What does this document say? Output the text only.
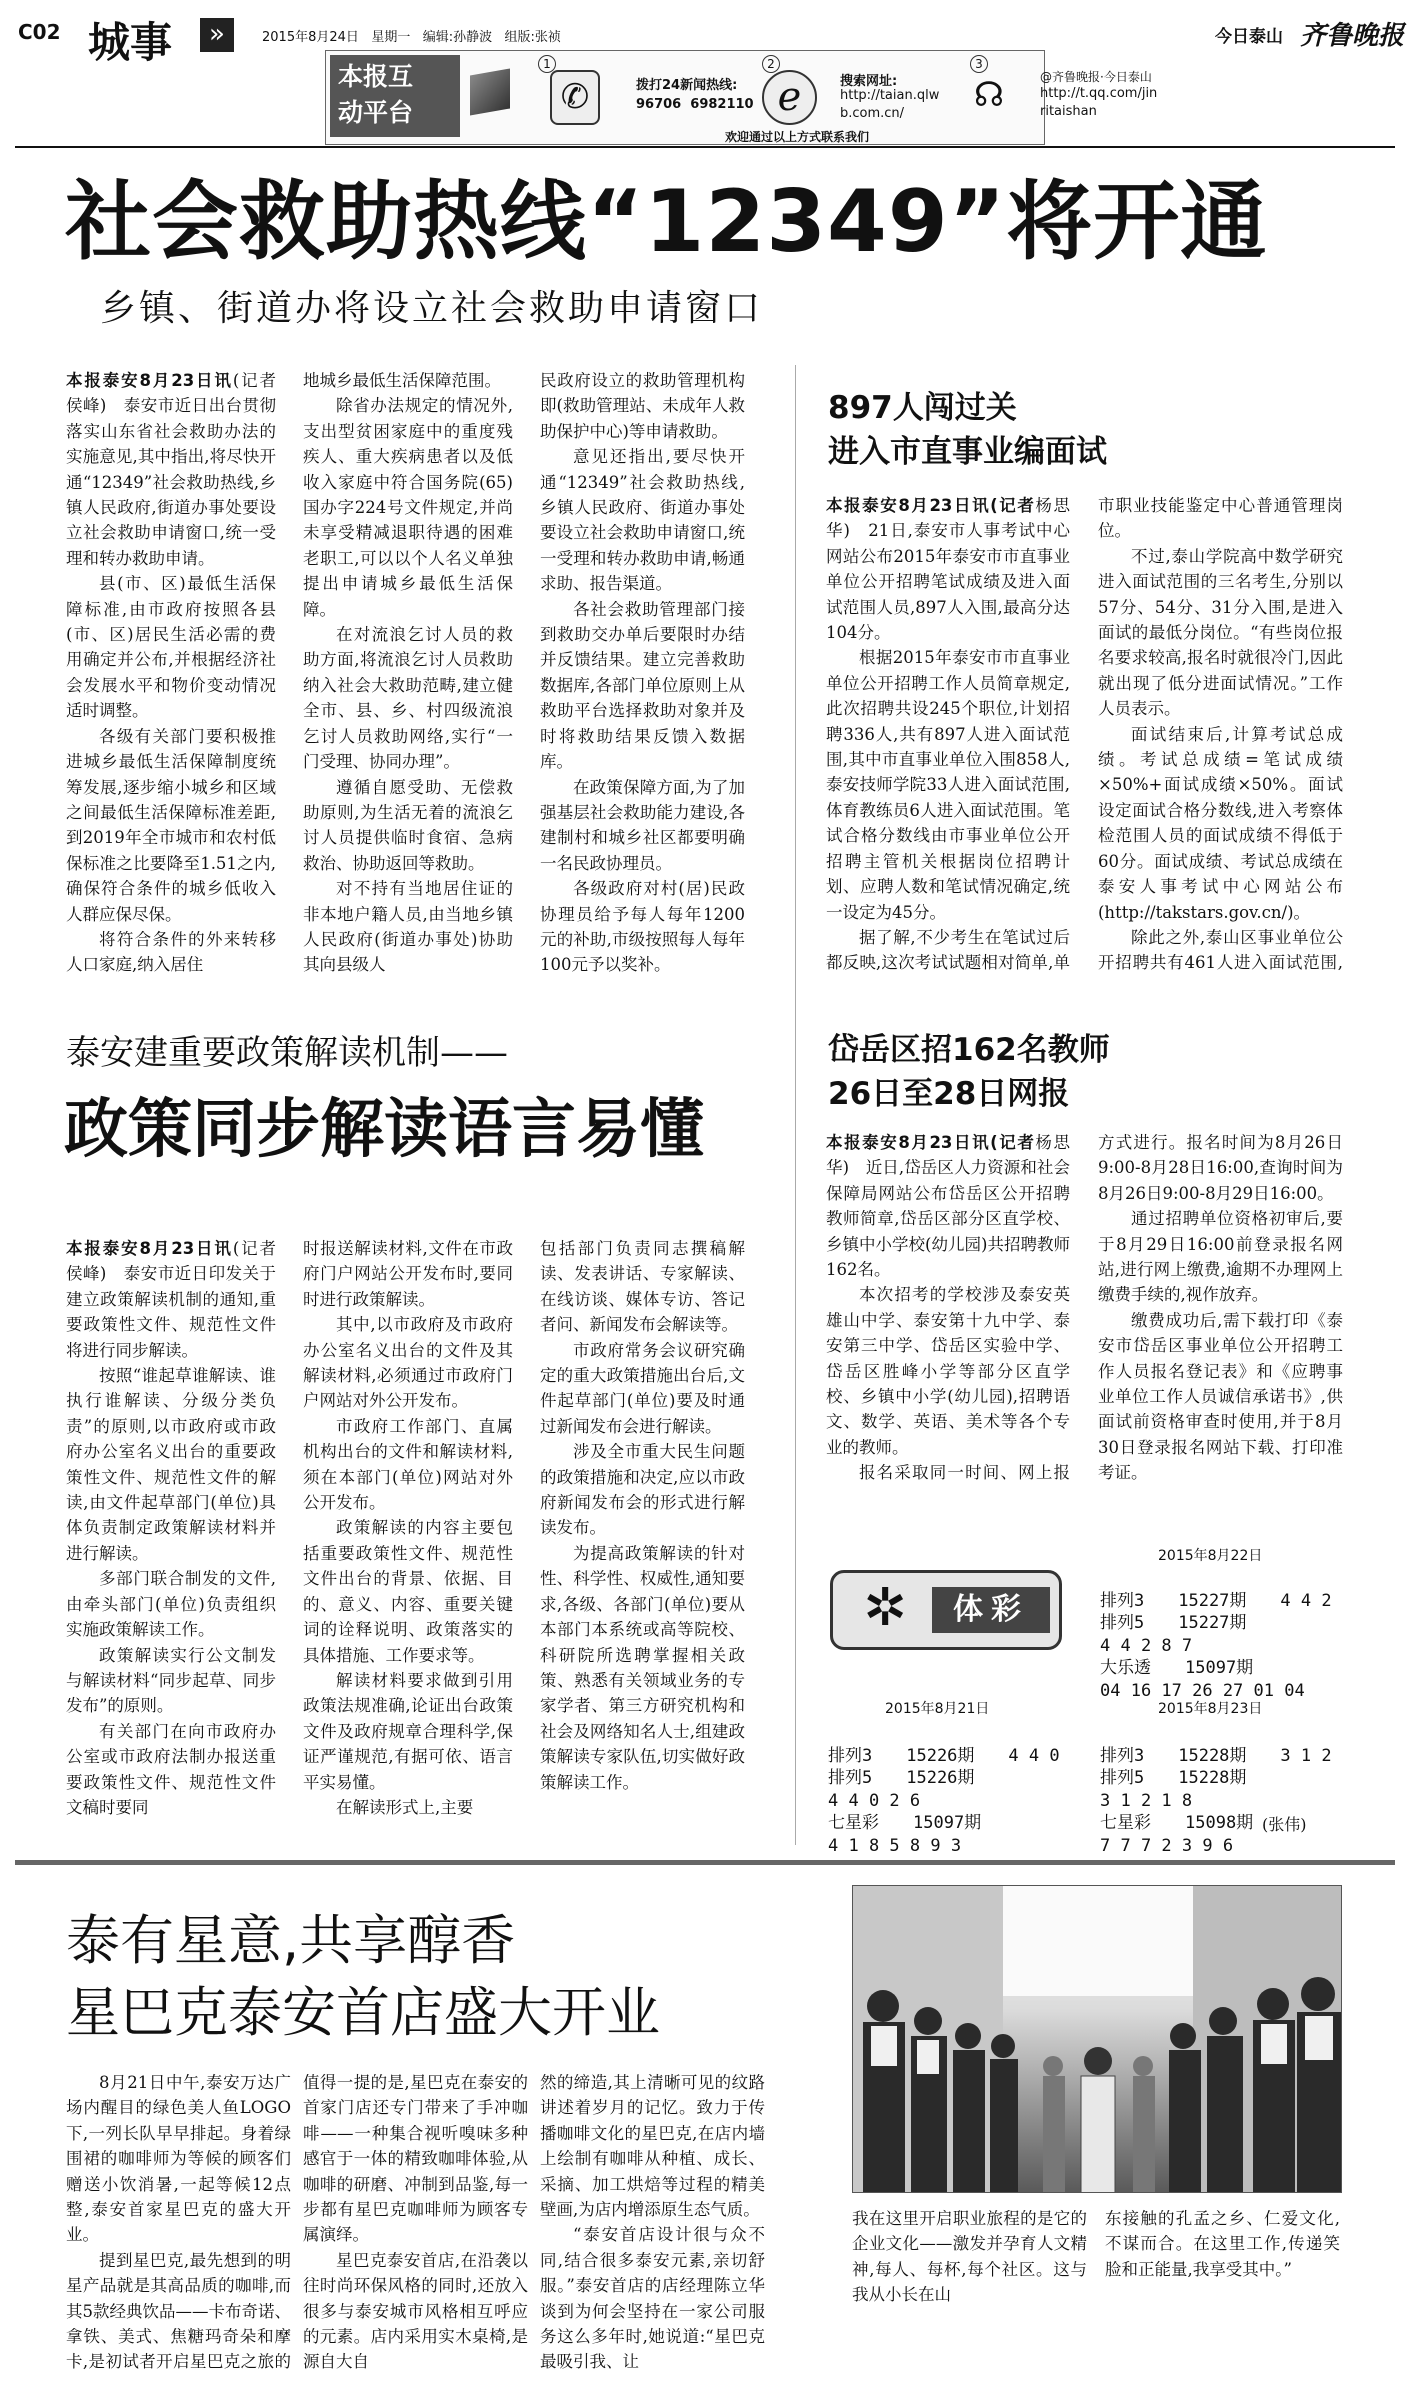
C02 城事	»	2015年8月24日 星期一 编辑:孙静波 组版:张祯	今日泰山 齐鲁晚报
本报互
动平台
1
✆	拨打24新闻热线:
96706  6982110
2
e	搜索网址:
http://taian.qlw
b.com.cn/
3
☊	@齐鲁晚报·今日泰山
http://t.qq.com/jin
ritaishan
欢迎通过以上方式联系我们
社会救助热线“12349”将开通
乡镇、街道办将设立社会救助申请窗口

本报泰安8月23日讯(记者　侯峰)　泰安市近日出台贯彻落实山东省社会救助办法的实施意见,其中指出,将尽快开通“12349”社会救助热线,乡镇人民政府,街道办事处要设立社会救助申请窗口,统一受理和转办救助申请。

县(市、区)最低生活保障标准,由市政府按照各县(市、区)居民生活必需的费用确定并公布,并根据经济社会发展水平和物价变动情况适时调整。

各级有关部门要积极推进城乡最低生活保障制度统筹发展,逐步缩小城乡和区域之间最低生活保障标准差距,到2019年全市城市和农村低保标准之比要降至1.51之内,确保符合条件的城乡低收入人群应保尽保。

将符合条件的外来转移人口家庭,纳入居住

地城乡最低生活保障范围。

除省办法规定的情况外,支出型贫困家庭中的重度残疾人、重大疾病患者以及低收入家庭中符合国务院(65)国办字224号文件规定,并尚未享受精减退职待遇的困难老职工,可以以个人名义单独提出申请城乡最低生活保障。

在对流浪乞讨人员的救助方面,将流浪乞讨人员救助纳入社会大救助范畴,建立健全市、县、乡、村四级流浪乞讨人员救助网络,实行“一门受理、协同办理”。

遵循自愿受助、无偿救助原则,为生活无着的流浪乞讨人员提供临时食宿、急病救治、协助返回等救助。

对不持有当地居住证的非本地户籍人员,由当地乡镇人民政府(街道办事处)协助其向县级人

民政府设立的救助管理机构即(救助管理站、未成年人救助保护中心)等申请救助。

意见还指出,要尽快开通“12349”社会救助热线,乡镇人民政府、街道办事处要设立社会救助申请窗口,统一受理和转办救助申请,畅通求助、报告渠道。

各社会救助管理部门接到救助交办单后要限时办结并反馈结果。建立完善救助数据库,各部门单位原则上从救助平台选择救助对象并及时将救助结果反馈入数据库。

在政策保障方面,为了加强基层社会救助能力建设,各建制村和城乡社区都要明确一名民政协理员。

各级政府对村(居)民政协理员给予每人每年1200元的补助,市级按照每人每年100元予以奖补。

897人闯过关
进入市直事业编面试

本报泰安8月23日讯(记者杨思华)　21日,泰安市人事考试中心网站公布2015年泰安市市直事业单位公开招聘笔试成绩及进入面试范围人员,897人入围,最高分达104分。

根据2015年泰安市市直事业单位公开招聘工作人员简章规定,此次招聘共设245个职位,计划招聘336人,共有897人进入面试范围,其中市直事业单位入围858人,泰安技师学院33人进入面试范围,体育教练员6人进入面试范围。笔试合格分数线由市事业单位公开招聘主管机关根据岗位招聘计划、应聘人数和笔试情况确定,统一设定为45分。

据了解,不少考生在笔试过后都反映,这次考试试题相对简单,单

市职业技能鉴定中心普通管理岗位。

不过,泰山学院高中数学研究进入面试范围的三名考生,分别以57分、54分、31分入围,是进入面试的最低分岗位。“有些岗位报名要求较高,报名时就很冷门,因此就出现了低分进面试情况。”工作人员表示。

面试结束后,计算考试总成绩。考试总成绩=笔试成绩×50%+面试成绩×50%。面试设定面试合格分数线,进入考察体检范围人员的面试成绩不得低于60分。面试成绩、考试总成绩在泰安人事考试中心网站公布(http://takstars.gov.cn/)。

除此之外,泰山区事业单位公开招聘共有461人进入面试范围,

泰安建重要政策解读机制——
政策同步解读语言易懂

本报泰安8月23日讯(记者　侯峰)　泰安市近日印发关于建立政策解读机制的通知,重要政策性文件、规范性文件将进行同步解读。

按照“谁起草谁解读、谁执行谁解读、分级分类负责”的原则,以市政府或市政府办公室名义出台的重要政策性文件、规范性文件的解读,由文件起草部门(单位)具体负责制定政策解读材料并进行解读。

多部门联合制发的文件,由牵头部门(单位)负责组织实施政策解读工作。

政策解读实行公文制发与解读材料“同步起草、同步发布”的原则。

有关部门在向市政府办公室或市政府法制办报送重要政策性文件、规范性文件文稿时要同

时报送解读材料,文件在市政府门户网站公开发布时,要同时进行政策解读。

其中,以市政府及市政府办公室名义出台的文件及其解读材料,必须通过市政府门户网站对外公开发布。

市政府工作部门、直属机构出台的文件和解读材料,须在本部门(单位)网站对外公开发布。

政策解读的内容主要包括重要政策性文件、规范性文件出台的背景、依据、目的、意义、内容、重要关键词的诠释说明、政策落实的具体措施、工作要求等。

解读材料要求做到引用政策法规准确,论证出台政策文件及政府规章合理科学,保证严谨规范,有据可依、语言平实易懂。

在解读形式上,主要

包括部门负责同志撰稿解读、发表讲话、专家解读、在线访谈、媒体专访、答记者问、新闻发布会解读等。

市政府常务会议研究确定的重大政策措施出台后,文件起草部门(单位)要及时通过新闻发布会进行解读。

涉及全市重大民生问题的政策措施和决定,应以市政府新闻发布会的形式进行解读发布。

为提高政策解读的针对性、科学性、权威性,通知要求,各级、各部门(单位)要从本部门本系统或高等院校、科研院所选聘掌握相关政策、熟悉有关领域业务的专家学者、第三方研究机构和社会及网络知名人士,组建政策解读专家队伍,切实做好政策解读工作。

岱岳区招162名教师
26日至28日网报

本报泰安8月23日讯(记者杨思华)　近日,岱岳区人力资源和社会保障局网站公布岱岳区公开招聘教师简章,岱岳区部分区直学校、乡镇中小学校(幼儿园)共招聘教师162名。

本次招考的学校涉及泰安英雄山中学、泰安第十九中学、泰安第三中学、岱岳区实验中学、岱岳区胜峰小学等部分区直学校、乡镇中小学(幼儿园),招聘语文、数学、英语、美术等各个专业的教师。

报名采取同一时间、网上报

方式进行。报名时间为8月26日9:00-8月28日16:00,查询时间为8月26日9:00-8月29日16:00。

通过招聘单位资格初审后,要于8月29日16:00前登录报名网站,进行网上缴费,逾期不办理网上缴费手续的,视作放弃。

缴费成功后,需下载打印《泰安市岱岳区事业单位公开招聘工作人员报名登记表》和《应聘事业单位工作人员诚信承诺书》,供面试前资格审查时使用,并于8月30日登录报名网站下载、打印准考证。

✲	体彩
2015年8月21日

排列3　　15226期　　4 4 0
排列5　　15226期
4 4 0 2 6
七星彩　　15097期
4 1 8 5 8 9 3

2015年8月22日

排列3　　15227期　　4 4 2
排列5　　15227期
4 4 2 8 7
大乐透　　15097期
04 16 17 26 27 01 04

2015年8月23日

排列3　　15228期　　3 1 2
排列5　　15228期
3 1 2 1 8
七星彩　　15098期
7 7 7 2 3 9 6

(张伟)
泰有星意,共享醇香
星巴克泰安首店盛大开业

8月21日中午,泰安万达广场内醒目的绿色美人鱼LOGO下,一列长队早早排起。身着绿围裙的咖啡师为等候的顾客们赠送小饮消暑,一起等候12点整,泰安首家星巴克的盛大开业。

提到星巴克,最先想到的明星产品就是其高品质的咖啡,而其5款经典饮品——卡布奇诺、拿铁、美式、焦糖玛奇朵和摩卡,是初试者开启星巴克之旅的

值得一提的是,星巴克在泰安的首家门店还专门带来了手冲咖啡——一种集合视听嗅味多种感官于一体的精致咖啡体验,从咖啡的研磨、冲制到品鉴,每一步都有星巴克咖啡师为顾客专属演绎。

星巴克泰安首店,在沿袭以往时尚环保风格的同时,还放入很多与泰安城市风格相互呼应的元素。店内采用实木桌椅,是源自大自

然的缔造,其上清晰可见的纹路讲述着岁月的记忆。致力于传播咖啡文化的星巴克,在店内墙上绘制有咖啡从种植、成长、采摘、加工烘焙等过程的精美壁画,为店内增添原生态气质。

“泰安首店设计很与众不同,结合很多泰安元素,亲切舒服。”泰安首店的店经理陈立华谈到为何会坚持在一家公司服务这么多年时,她说道:“星巴克最吸引我、让

我在这里开启职业旅程的是它的企业文化——激发并孕育人文精神,每人、每杯,每个社区。这与我从小长在山

东接触的孔孟之乡、仁爱文化,不谋而合。在这里工作,传递笑脸和正能量,我享受其中。”
